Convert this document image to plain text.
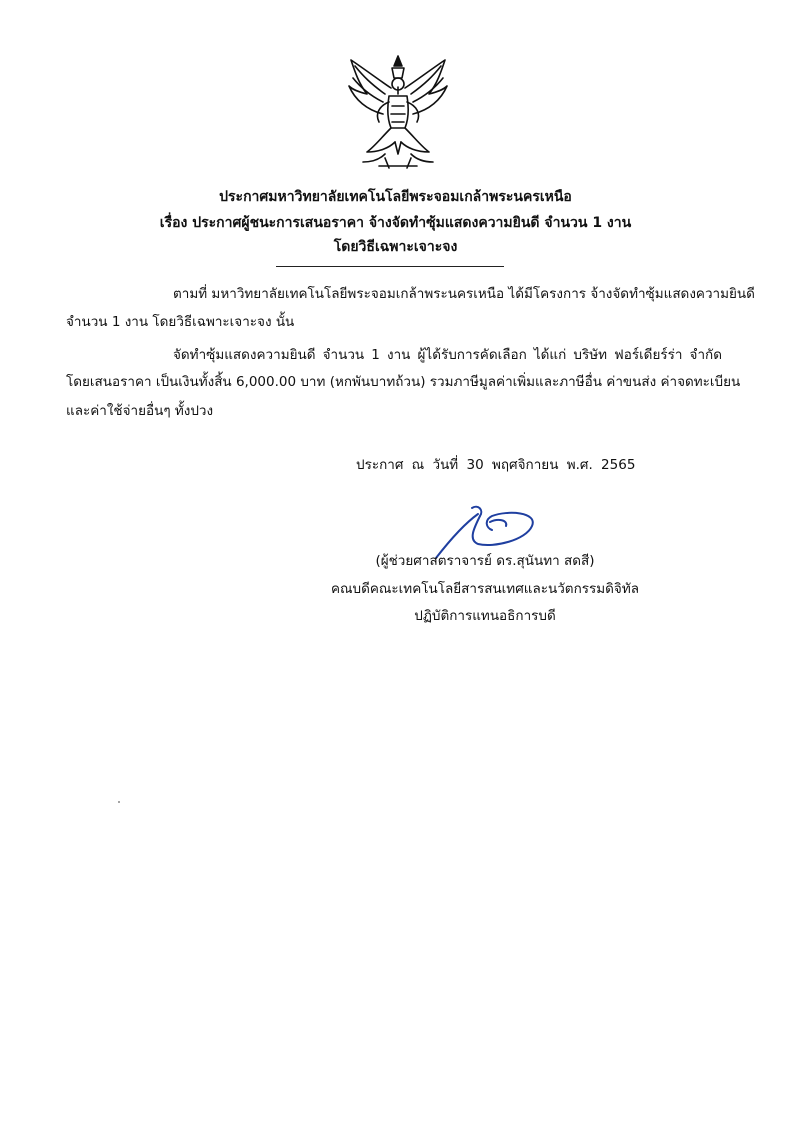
ประกาศมหาวิทยาลัยเทคโนโลยีพระจอมเกล้าพระนครเหนือ
เรื่อง ประกาศผู้ชนะการเสนอราคา จ้างจัดทำซุ้มแสดงความยินดี จำนวน 1 งาน
โดยวิธีเฉพาะเจาะจง
ตามที่ มหาวิทยาลัยเทคโนโลยีพระจอมเกล้าพระนครเหนือ ได้มีโครงการ จ้างจัดทำซุ้มแสดงความยินดี
จำนวน 1 งาน โดยวิธีเฉพาะเจาะจง นั้น
จัดทำซุ้มแสดงความยินดี จำนวน 1 งาน ผู้ได้รับการคัดเลือก ได้แก่ บริษัท ฟอร์เดียร์ร่า จำกัด
โดยเสนอราคา เป็นเงินทั้งสิ้น 6,000.00 บาท (หกพันบาทถ้วน) รวมภาษีมูลค่าเพิ่มและภาษีอื่น ค่าขนส่ง ค่าจดทะเบียน
และค่าใช้จ่ายอื่นๆ ทั้งปวง
ประกาศ ณ วันที่ 30 พฤศจิกายน พ.ศ. 2565
(ผู้ช่วยศาสตราจารย์ ดร.สุนันทา สดสี)
คณบดีคณะเทคโนโลยีสารสนเทศและนวัตกรรมดิจิทัล
ปฏิบัติการแทนอธิการบดี
